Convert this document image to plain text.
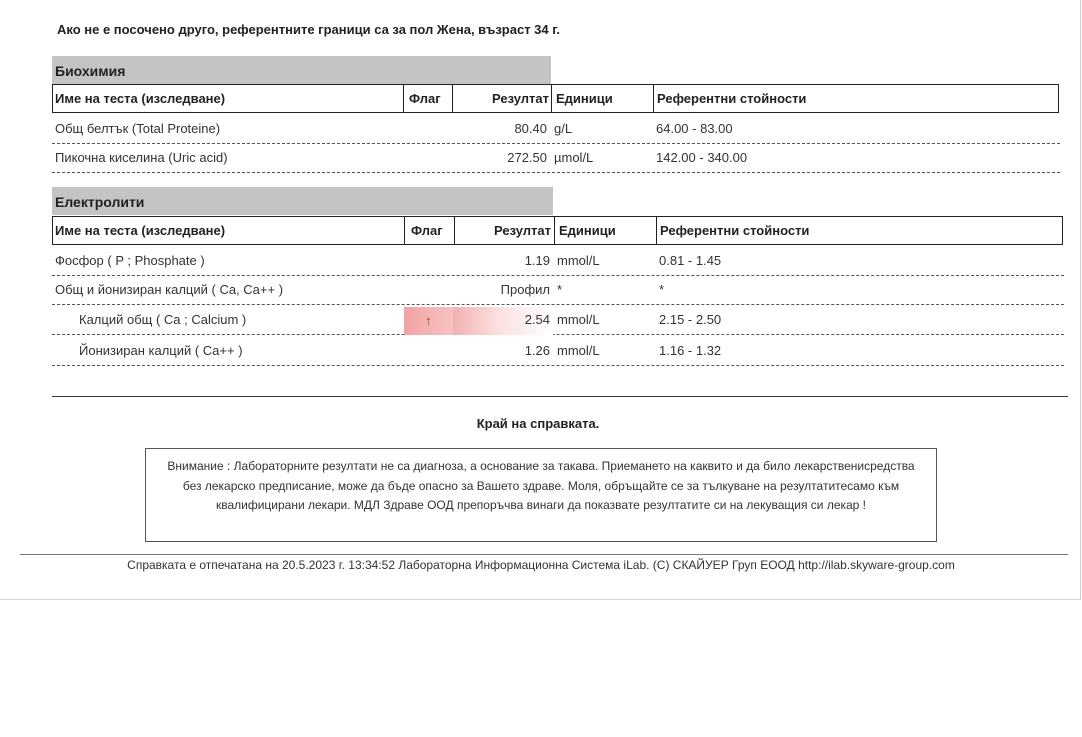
Ако не е посочено друго, референтните граници са за пол Жена, възраст 34 г.
Биохимия
Име на теста (изследване)	Флаг	Резултат Единици	Референтни стойности
Общ белтък (Total Proteine)	80.40 g/L	64.00 - 83.00
Пикочна киселина (Uric acid)	272.50 µmol/L	142.00 - 340.00
Електролити
Име на теста (изследване)	Флаг	Резултат Единици	Референтни стойности
Фосфор ( P ; Phosphate )	1.19 mmol/L	0.81 - 1.45
Общ и йонизиран калций ( Ca, Ca++ )	Профил *	*
Калций общ ( Ca ; Calcium )	↑	2.54 mmol/L	2.15 - 2.50
Йонизиран калций ( Ca++ )	1.26 mmol/L	1.16 - 1.32
Край на справката.
Внимание : Лабораторните резултати не са диагноза, а основание за такава. Приемането на каквито и да било лекарственисредства без лекарско предписание, може да бъде опасно за Вашето здраве. Моля, обръщайте се за тълкуване на резултатитесамо към квалифицирани лекари. МДЛ Здраве ООД препоръчва винаги да показвате резултатите си на лекуващия си лекар !
Справката е отпечатана на 20.5.2023 г. 13:34:52 Лабораторна Информационна Система iLab. (C) СКАЙУЕР Груп ЕООД http://ilab.skyware-group.com
